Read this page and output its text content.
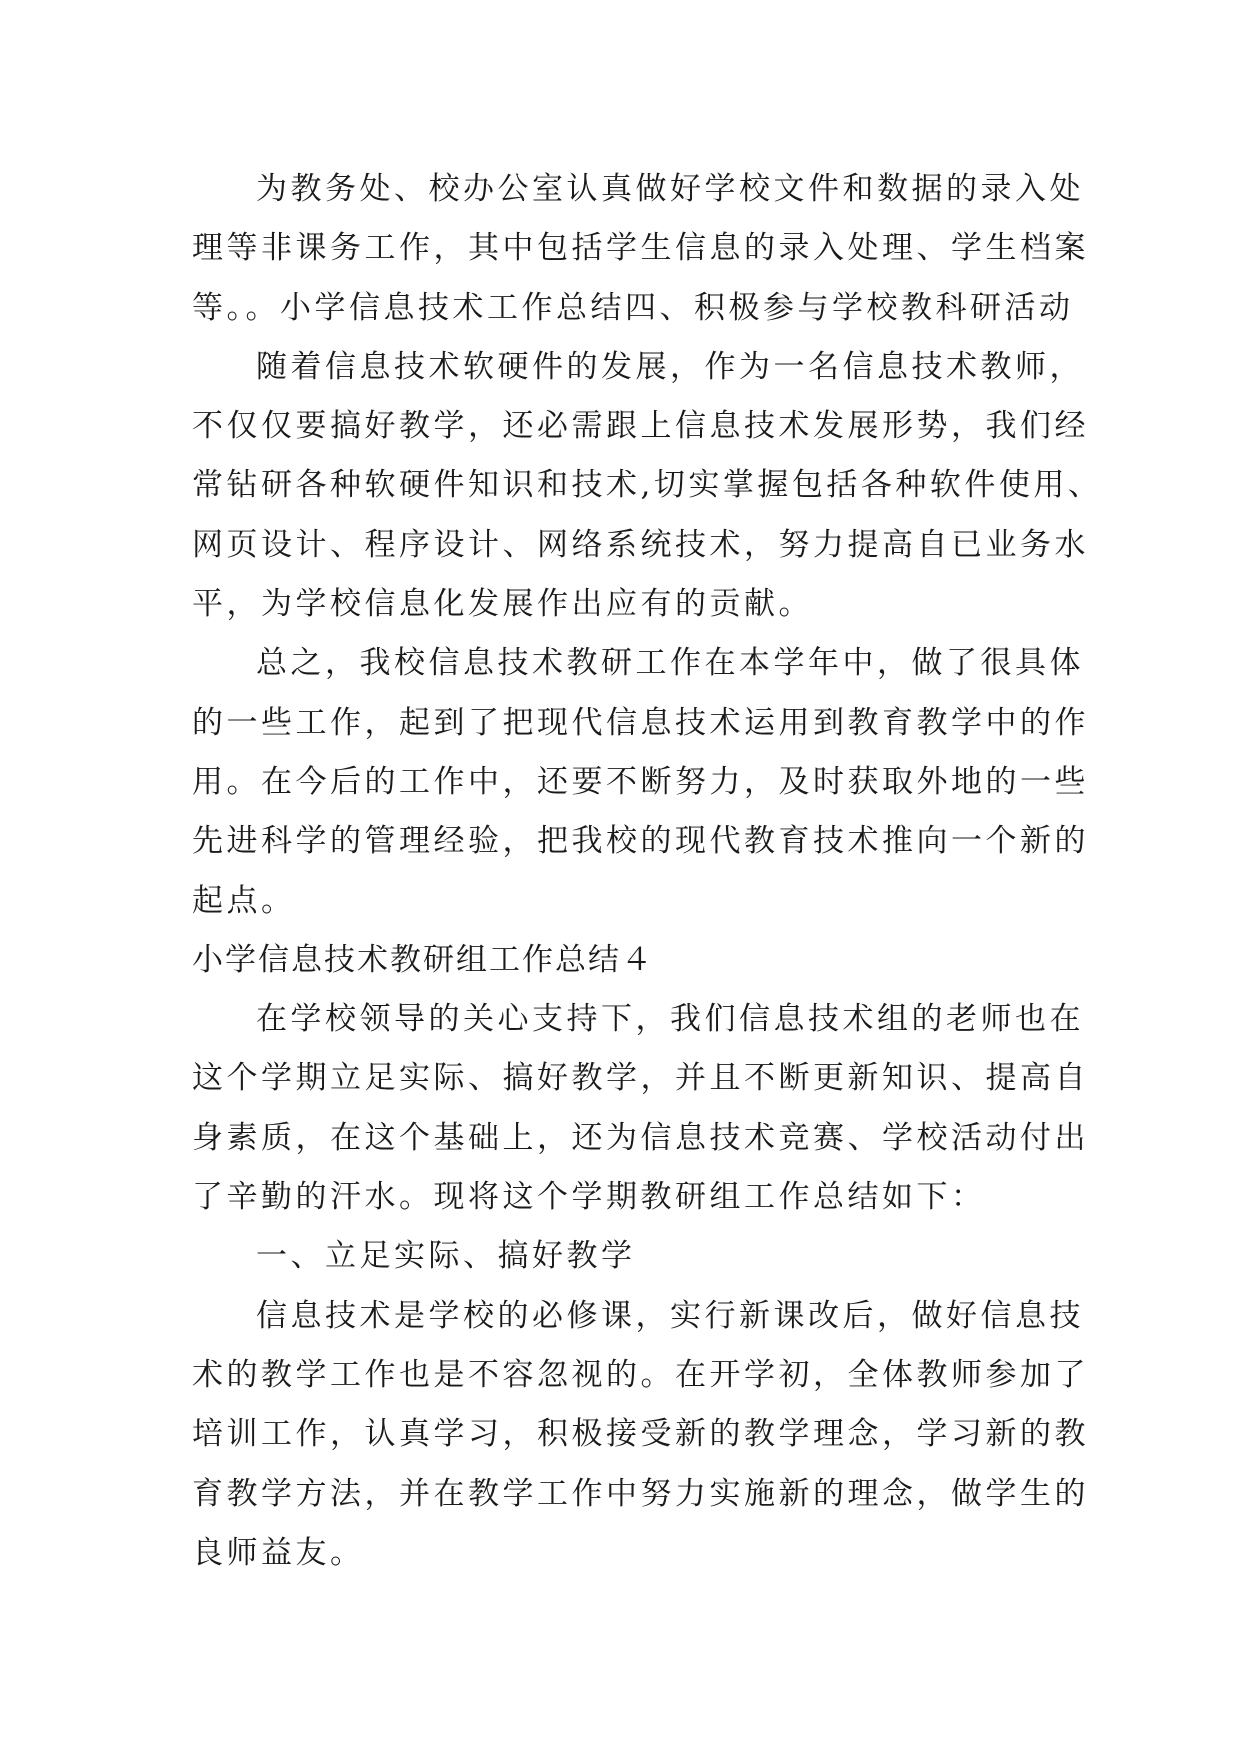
为教务处、校办公室认真做好学校文件和数据的录入处
理等非课务工作，其中包括学生信息的录入处理、学生档案
等。。小学信息技术工作总结四、积极参与学校教科研活动
随着信息技术软硬件的发展，作为一名信息技术教师，
不仅仅要搞好教学，还必需跟上信息技术发展形势，我们经
常钻研各种软硬件知识和技术,切实掌握包括各种软件使用、
网页设计、程序设计、网络系统技术，努力提高自已业务水
平，为学校信息化发展作出应有的贡献。
总之，我校信息技术教研工作在本学年中，做了很具体
的一些工作，起到了把现代信息技术运用到教育教学中的作
用。在今后的工作中，还要不断努力，及时获取外地的一些
先进科学的管理经验，把我校的现代教育技术推向一个新的
起点。
小学信息技术教研组工作总结４
在学校领导的关心支持下，我们信息技术组的老师也在
这个学期立足实际、搞好教学，并且不断更新知识、提高自
身素质，在这个基础上，还为信息技术竞赛、学校活动付出
了辛勤的汗水。现将这个学期教研组工作总结如下：
一、立足实际、搞好教学
信息技术是学校的必修课，实行新课改后，做好信息技
术的教学工作也是不容忽视的。在开学初，全体教师参加了
培训工作，认真学习，积极接受新的教学理念，学习新的教
育教学方法，并在教学工作中努力实施新的理念，做学生的
良师益友。
